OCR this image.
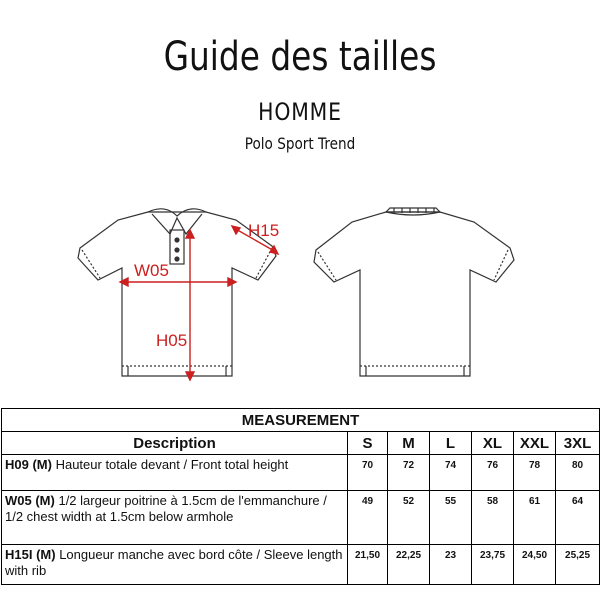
Guide des tailles
HOMME
Polo Sport Trend
H15
W05
H05
MEASUREMENT						
Description	S	M	L	XL	XXL	3XL
H09 (M) Hauteur totale devant / Front total height	70	72	74	76	78	80
W05 (M) 1/2 largeur poitrine à 1.5cm de l'emmanchure / 1/2 chest width at 1.5cm below armhole	49	52	55	58	61	64
H15I (M) Longueur manche avec bord côte / Sleeve length with rib	21,50	22,25	23	23,75	24,50	25,25
